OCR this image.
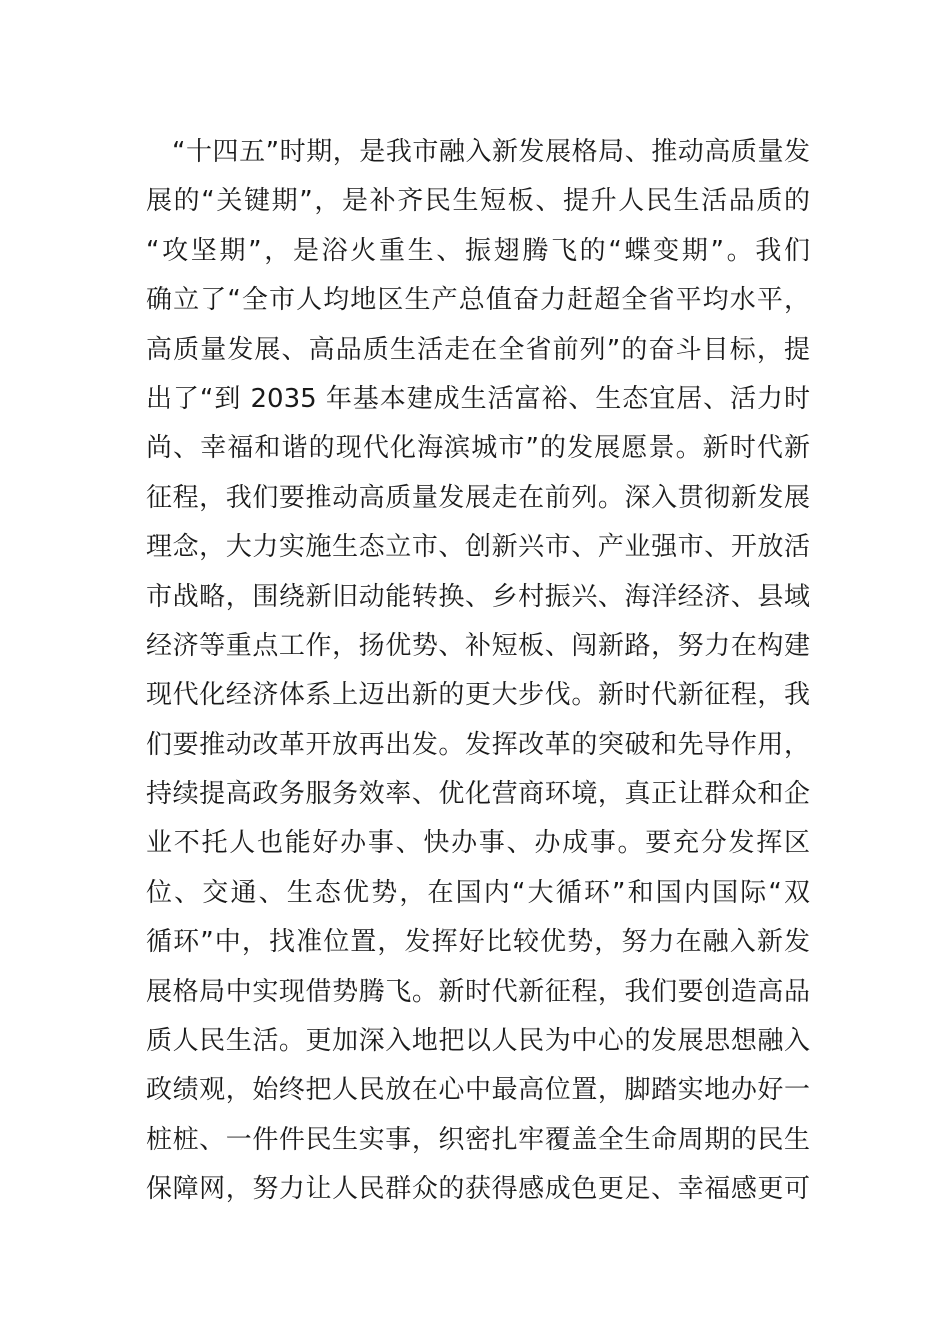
“十四五”时期，是我市融入新发展格局、推动高质量发
展的“关键期”，是补齐民生短板、提升人民生活品质的
“攻坚期”，是浴火重生、振翅腾飞的“蝶变期”。我们
确立了“全市人均地区生产总值奋力赶超全省平均水平，
高质量发展、高品质生活走在全省前列”的奋斗目标，提
出了“到 2035 年基本建成生活富裕、生态宜居、活力时
尚、幸福和谐的现代化海滨城市”的发展愿景。新时代新
征程，我们要推动高质量发展走在前列。深入贯彻新发展
理念，大力实施生态立市、创新兴市、产业强市、开放活
市战略，围绕新旧动能转换、乡村振兴、海洋经济、县域
经济等重点工作，扬优势、补短板、闯新路，努力在构建
现代化经济体系上迈出新的更大步伐。新时代新征程，我
们要推动改革开放再出发。发挥改革的突破和先导作用，
持续提高政务服务效率、优化营商环境，真正让群众和企
业不托人也能好办事、快办事、办成事。要充分发挥区
位、交通、生态优势，在国内“大循环”和国内国际“双
循环”中，找准位置，发挥好比较优势，努力在融入新发
展格局中实现借势腾飞。新时代新征程，我们要创造高品
质人民生活。更加深入地把以人民为中心的发展思想融入
政绩观，始终把人民放在心中最高位置，脚踏实地办好一
桩桩、一件件民生实事，织密扎牢覆盖全生命周期的民生
保障网，努力让人民群众的获得感成色更足、幸福感更可
